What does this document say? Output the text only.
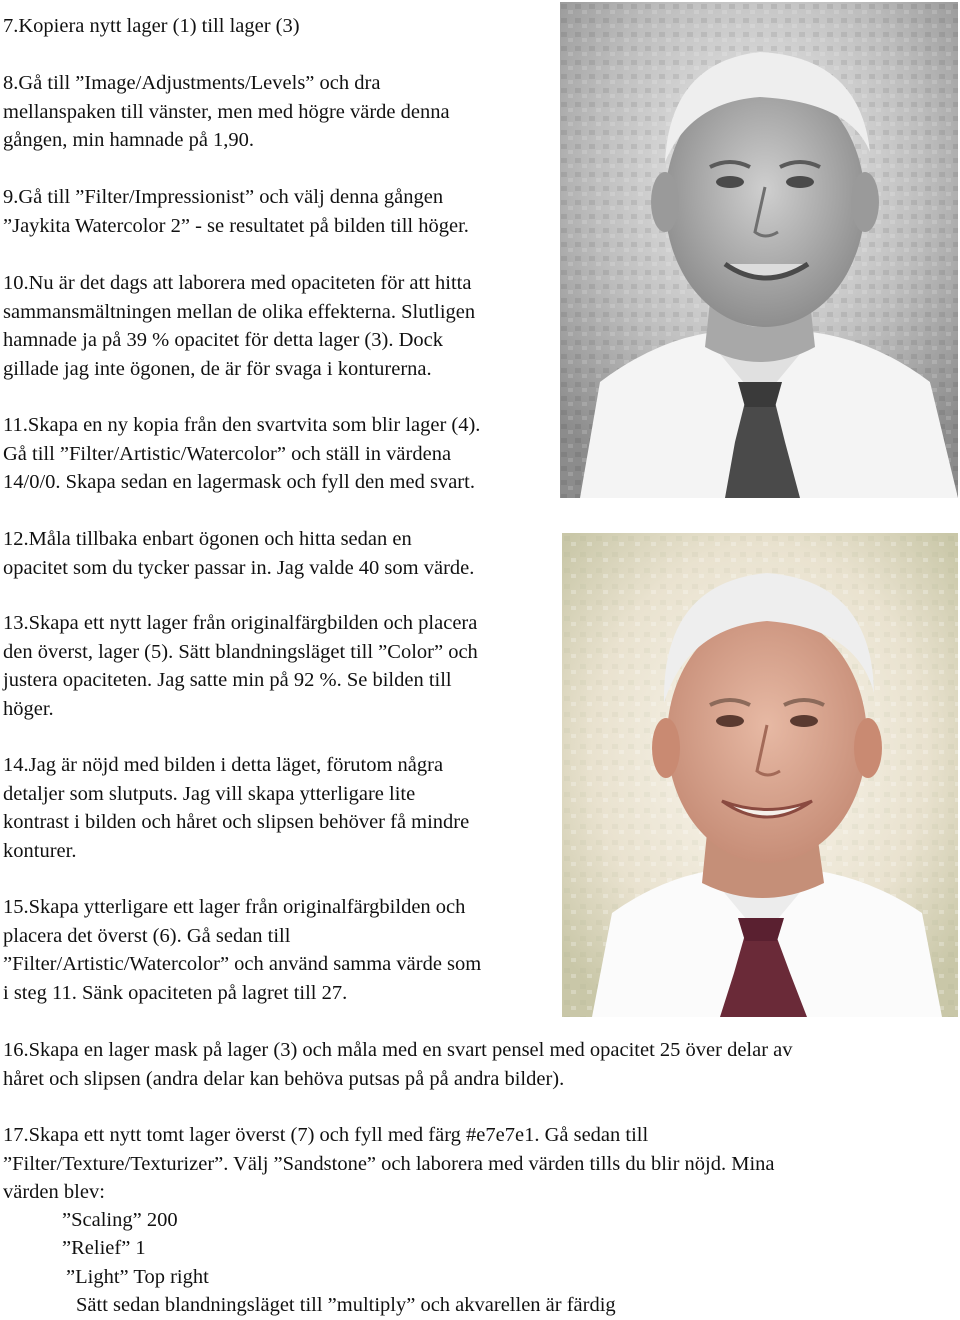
7.Kopiera nytt lager (1) till lager (3)

8.Gå till ”Image/Adjustments/Levels” och dra
mellanspaken till vänster, men med högre värde denna
gången, min hamnade på 1,90.

9.Gå till ”Filter/Impressionist” och välj denna gången
”Jaykita Watercolor 2” - se resultatet på bilden till höger.

10.Nu är det dags att laborera med opaciteten för att hitta
sammansmältningen mellan de olika effekterna. Slutligen
hamnade ja på 39 % opacitet för detta lager (3). Dock
gillade jag inte ögonen, de är för svaga i konturerna.

11.Skapa en ny kopia från den svartvita som blir lager (4).
Gå till ”Filter/Artistic/Watercolor” och ställ in värdena
14/0/0. Skapa sedan en lagermask och fyll den med svart.

12.Måla tillbaka enbart ögonen och hitta sedan en
opacitet som du tycker passar in. Jag valde 40 som värde.

13.Skapa ett nytt lager från originalfärgbilden och placera
den överst, lager (5). Sätt blandningsläget till ”Color” och
justera opaciteten. Jag satte min på 92 %. Se bilden till
höger.

14.Jag är nöjd med bilden i detta läget, förutom några
detaljer som slutputs. Jag vill skapa ytterligare lite
kontrast i bilden och håret och slipsen behöver få mindre
konturer.

15.Skapa ytterligare ett lager från originalfärgbilden och
placera det överst (6). Gå sedan till
”Filter/Artistic/Watercolor” och använd samma värde som
i steg 11. Sänk opaciteten på lagret till 27.

16.Skapa en lager mask på lager (3) och måla med en svart pensel med opacitet 25 över delar av
håret och slipsen (andra delar kan behöva putsas på på andra bilder).

17.Skapa ett nytt tomt lager överst (7) och fyll med färg #e7e7e1. Gå sedan till
”Filter/Texture/Texturizer”. Välj ”Sandstone” och laborera med värden tills du blir nöjd. Mina
värden blev:

”Scaling” 200

”Relief” 1

”Light” Top right

Sätt sedan blandningsläget till ”multiply” och akvarellen är färdig
